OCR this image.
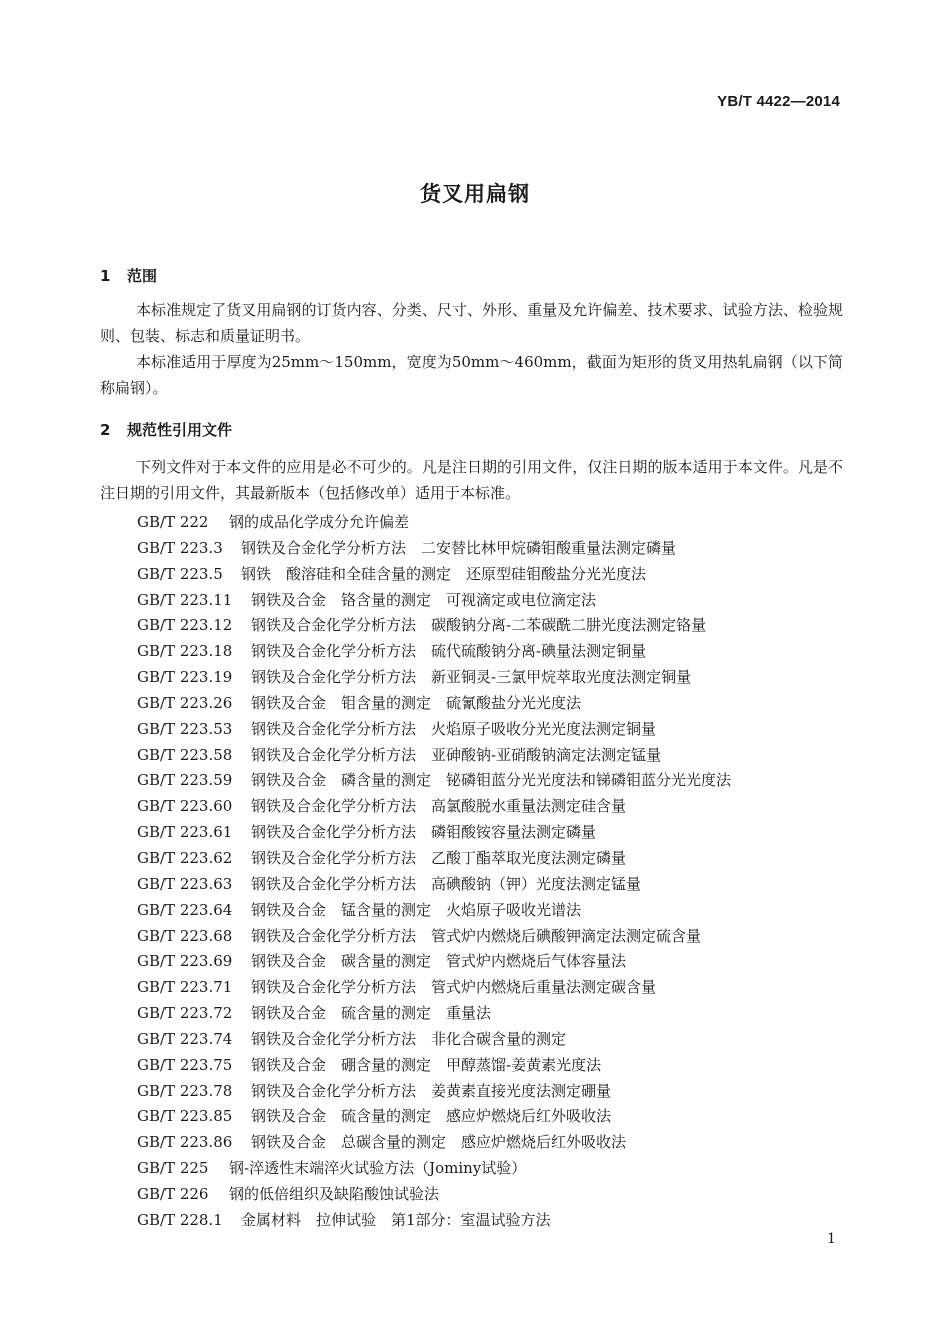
YB/T 4422—2014
货叉用扁钢
1 范围

本标准规定了货叉用扁钢的订货内容、分类、尺寸、外形、重量及允许偏差、技术要求、试验方法、检验规则、包装、标志和质量证明书。

本标准适用于厚度为25mm～150mm，宽度为50mm～460mm，截面为矩形的货叉用热轧扁钢（以下简称扁钢）。

2 规范性引用文件

下列文件对于本文件的应用是必不可少的。凡是注日期的引用文件，仅注日期的版本适用于本文件。凡是不注日期的引用文件，其最新版本（包括修改单）适用于本标准。

GB/T 222 钢的成品化学成分允许偏差
GB/T 223.3 钢铁及合金化学分析方法　二安替比林甲烷磷钼酸重量法测定磷量
GB/T 223.5 钢铁　酸溶硅和全硅含量的测定　还原型硅钼酸盐分光光度法
GB/T 223.11 钢铁及合金　铬含量的测定　可视滴定或电位滴定法
GB/T 223.12 钢铁及合金化学分析方法　碳酸钠分离-二苯碳酰二肼光度法测定铬量
GB/T 223.18 钢铁及合金化学分析方法　硫代硫酸钠分离-碘量法测定铜量
GB/T 223.19 钢铁及合金化学分析方法　新亚铜灵-三氯甲烷萃取光度法测定铜量
GB/T 223.26 钢铁及合金　钼含量的测定　硫氰酸盐分光光度法
GB/T 223.53 钢铁及合金化学分析方法　火焰原子吸收分光光度法测定铜量
GB/T 223.58 钢铁及合金化学分析方法　亚砷酸钠-亚硝酸钠滴定法测定锰量
GB/T 223.59 钢铁及合金　磷含量的测定　铋磷钼蓝分光光度法和锑磷钼蓝分光光度法
GB/T 223.60 钢铁及合金化学分析方法　高氯酸脱水重量法测定硅含量
GB/T 223.61 钢铁及合金化学分析方法　磷钼酸铵容量法测定磷量
GB/T 223.62 钢铁及合金化学分析方法　乙酸丁酯萃取光度法测定磷量
GB/T 223.63 钢铁及合金化学分析方法　高碘酸钠（钾）光度法测定锰量
GB/T 223.64 钢铁及合金　锰含量的测定　火焰原子吸收光谱法
GB/T 223.68 钢铁及合金化学分析方法　管式炉内燃烧后碘酸钾滴定法测定硫含量
GB/T 223.69 钢铁及合金　碳含量的测定　管式炉内燃烧后气体容量法
GB/T 223.71 钢铁及合金化学分析方法　管式炉内燃烧后重量法测定碳含量
GB/T 223.72 钢铁及合金　硫含量的测定　重量法
GB/T 223.74 钢铁及合金化学分析方法　非化合碳含量的测定
GB/T 223.75 钢铁及合金　硼含量的测定　甲醇蒸馏-姜黄素光度法
GB/T 223.78 钢铁及合金化学分析方法　姜黄素直接光度法测定硼量
GB/T 223.85 钢铁及合金　硫含量的测定　感应炉燃烧后红外吸收法
GB/T 223.86 钢铁及合金　总碳含量的测定　感应炉燃烧后红外吸收法
GB/T 225 钢-淬透性末端淬火试验方法（Jominy试验）
GB/T 226 钢的低倍组织及缺陷酸蚀试验法
GB/T 228.1 金属材料　拉伸试验　第1部分：室温试验方法
1
